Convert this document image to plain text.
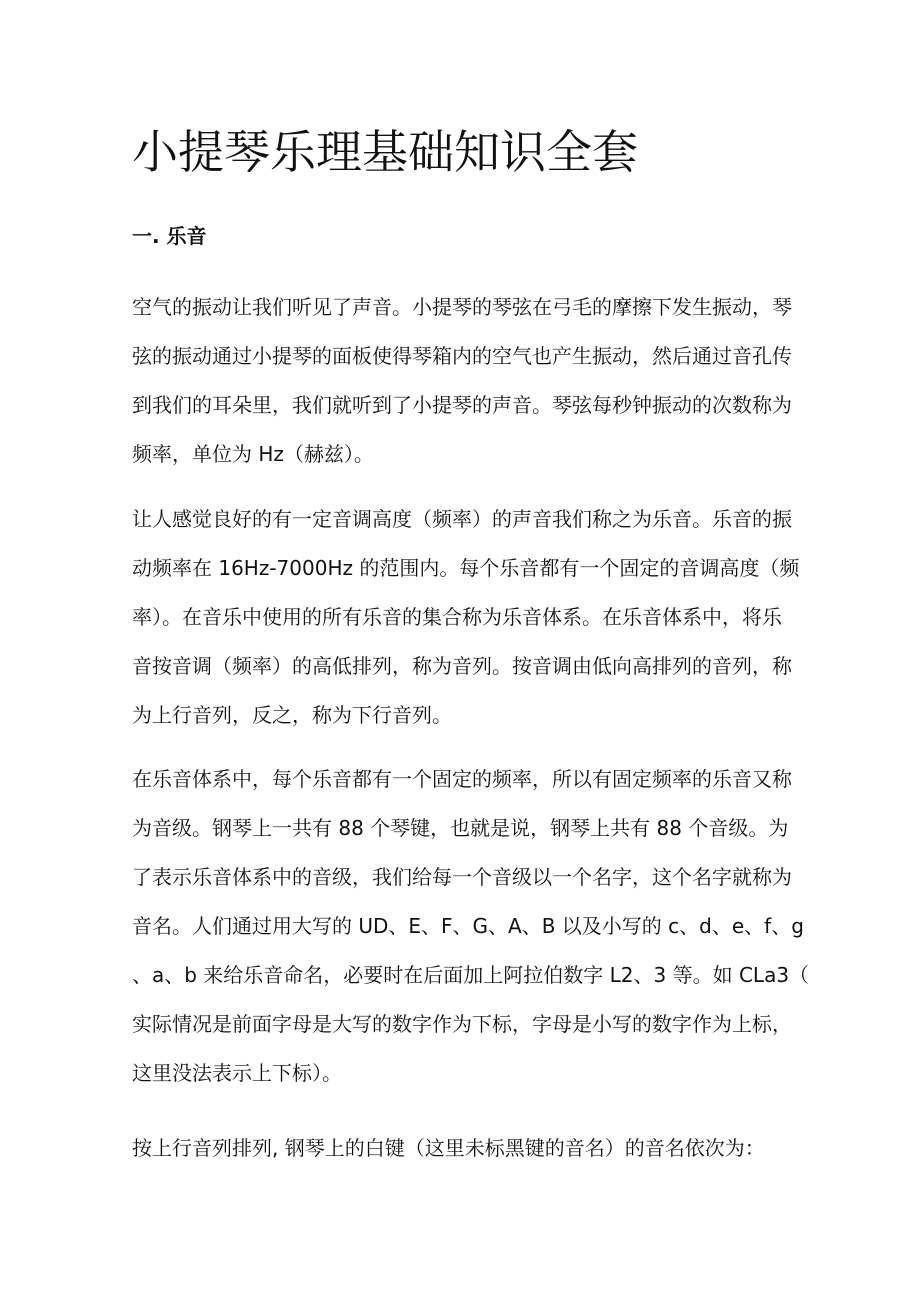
小提琴乐理基础知识全套
一. 乐音

空气的振动让我们听见了声音。小提琴的琴弦在弓毛的摩擦下发生振动，琴
弦的振动通过小提琴的面板使得琴箱内的空气也产生振动，然后通过音孔传
到我们的耳朵里，我们就听到了小提琴的声音。琴弦每秒钟振动的次数称为
频率，单位为 Hz（赫兹）。

让人感觉良好的有一定音调高度（频率）的声音我们称之为乐音。乐音的振
动频率在 16Hz-7000Hz 的范围内。每个乐音都有一个固定的音调高度（频
率）。在音乐中使用的所有乐音的集合称为乐音体系。在乐音体系中，将乐
音按音调（频率）的高低排列，称为音列。按音调由低向高排列的音列，称
为上行音列，反之，称为下行音列。

在乐音体系中，每个乐音都有一个固定的频率，所以有固定频率的乐音又称
为音级。钢琴上一共有 88 个琴键，也就是说，钢琴上共有 88 个音级。为
了表示乐音体系中的音级，我们给每一个音级以一个名字，这个名字就称为
音名。人们通过用大写的 UD、E、F、G、A、B 以及小写的 c、d、e、f、g
、a、b 来给乐音命名，必要时在后面加上阿拉伯数字 L2、3 等。如 CLa3（
实际情况是前面字母是大写的数字作为下标，字母是小写的数字作为上标，
这里没法表示上下标）。

按上行音列排列, 钢琴上的白键（这里未标黑键的音名）的音名依次为：
